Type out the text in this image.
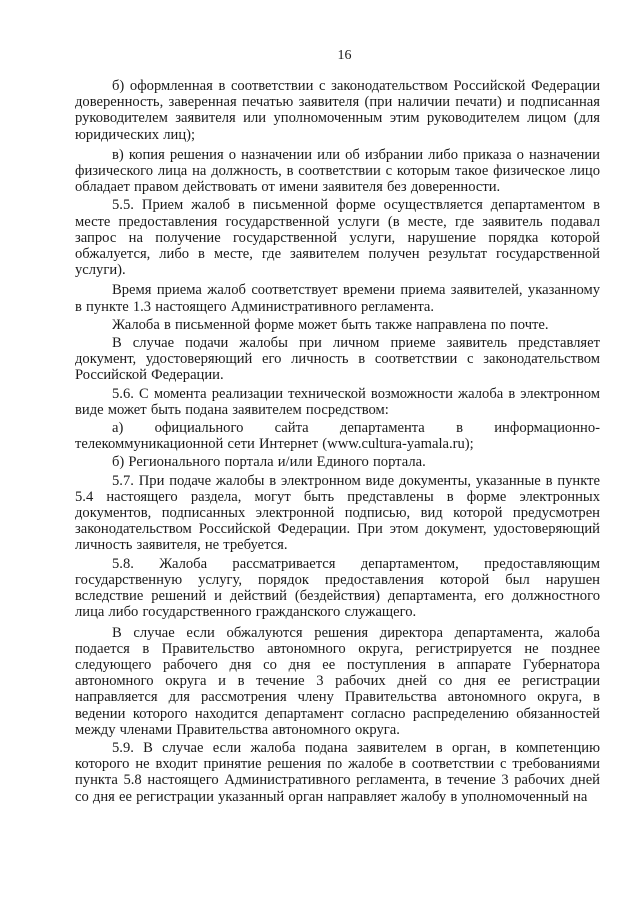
16

б) оформленная в соответствии с законодательством Российской Федерации доверенность, заверенная печатью заявителя (при наличии печати) и подписанная руководителем заявителя или уполномоченным этим руководителем лицом (для юридических лиц);

в) копия решения о назначении или об избрании либо приказа о назначении физического лица на должность, в соответствии с которым такое физическое лицо обладает правом действовать от имени заявителя без доверенности.

5.5. Прием жалоб в письменной форме осуществляется департаментом в месте предоставления государственной услуги (в месте, где заявитель подавал запрос на получение государственной услуги, нарушение порядка которой обжалуется, либо в месте, где заявителем получен результат государственной услуги).

Время приема жалоб соответствует времени приема заявителей, указанному в пункте 1.3 настоящего Административного регламента.

Жалоба в письменной форме может быть также направлена по почте.

В случае подачи жалобы при личном приеме заявитель представляет документ, удостоверяющий его личность в соответствии с законодательством Российской Федерации.

5.6. С момента реализации технической возможности жалоба в электронном виде может быть подана заявителем посредством:

а) официального сайта департамента в информационно-телекоммуникационной сети Интернет (www.cultura-yamala.ru);

б) Регионального портала и/или Единого портала.

5.7. При подаче жалобы в электронном виде документы, указанные в пункте 5.4 настоящего раздела, могут быть представлены в форме электронных документов, подписанных электронной подписью, вид которой предусмотрен законодательством Российской Федерации. При этом документ, удостоверяющий личность заявителя, не требуется.

5.8. Жалоба рассматривается департаментом, предоставляющим государственную услугу, порядок предоставления которой был нарушен вследствие решений и действий (бездействия) департамента, его должностного лица либо государственного гражданского служащего.

В случае если обжалуются решения директора департамента, жалоба подается в Правительство автономного округа, регистрируется не позднее следующего рабочего дня со дня ее поступления в аппарате Губернатора автономного округа и в течение 3 рабочих дней со дня ее регистрации направляется для рассмотрения члену Правительства автономного округа, в ведении которого находится департамент согласно распределению обязанностей между членами Правительства автономного округа.

5.9. В случае если жалоба подана заявителем в орган, в компетенцию которого не входит принятие решения по жалобе в соответствии с требованиями пункта 5.8 настоящего Административного регламента, в течение 3 рабочих дней со дня ее регистрации указанный орган направляет жалобу в уполномоченный на
